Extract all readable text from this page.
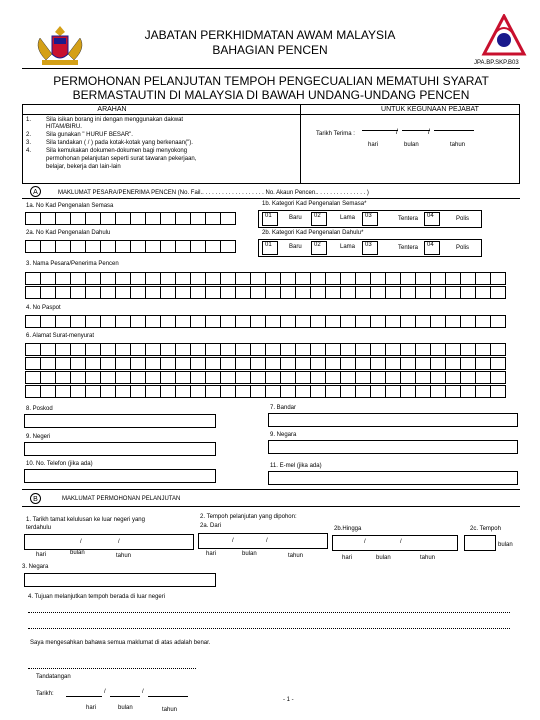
JABATAN PERKHIDMATAN AWAM MALAYSIA
BAHAGIAN PENCEN
JPA.BP.SKP.B03
PERMOHONAN PELANJUTAN TEMPOH PENGECUALIAN MEMATUHI SYARAT
BERMASTAUTIN DI MALAYSIA DI BAWAH UNDANG-UNDANG PENCEN
ARAHAN	UNTUK KEGUNAAN PEJABAT
1.	Sila isikan borang ini dengan menggunakan dakwat
HITAM/BIRU.
2.	Sila gunakan " HURUF BESAR".
3.	Sila tandakan ( / ) pada kotak-kotak yang berkenaan(").
4.	Sila kemukakan dokumen-dokumen bagi menyokong
permohonan pelanjutan seperti surat tawaran pekerjaan,
belajar, bekerja dan lain-lain
Tarikh Terima :	/	/
hari	bulan	tahun
A	MAKLUMAT PESARA/PENERIMA PENCEN (No. Fail.. . . . . . . . . . . . . . . . . . . No. Akaun Pencen.. . . . . . . . . . . . . . . )
1a. No Kad Pengenalan Semasa	1b. Kategori Kad Pengenalan Semasa*
01	Baru	02	Lama	03	Tentera	04	Polis
2a. No Kad Pengenalan Dahulu	2b. Kategori Kad Pengenalan Dahulu*
01	Baru	02	Lama	03	Tentera	04	Polis
3. Nama Pesara/Penerima Pencen
4. No Paspot
6. Alamat Surat-menyurat
7. Bandar
8. Poskod
9. Negara
9. Negeri
10. No. Telefon (jika ada)	11. E-mel (jika ada)
B	MAKLUMAT PERMOHONAN PELANJUTAN
1. Tarikh tamat kelulusan ke luar negeri yang
terdahulu
/	/
hari	bulan	tahun
2. Tempoh pelanjutan yang dipohon:
2a. Dari
/	/
hari	bulan	tahun
2b.Hingga
/	/
hari	bulan	tahun
2c. Tempoh
bulan
3. Negara
4. Tujuan melanjutkan tempoh berada di luar negeri
Saya mengesahkan bahawa semua maklumat di atas adalah benar.
Tandatangan
Tarikh:	/	/
hari	bulan	tahun
- 1 -
